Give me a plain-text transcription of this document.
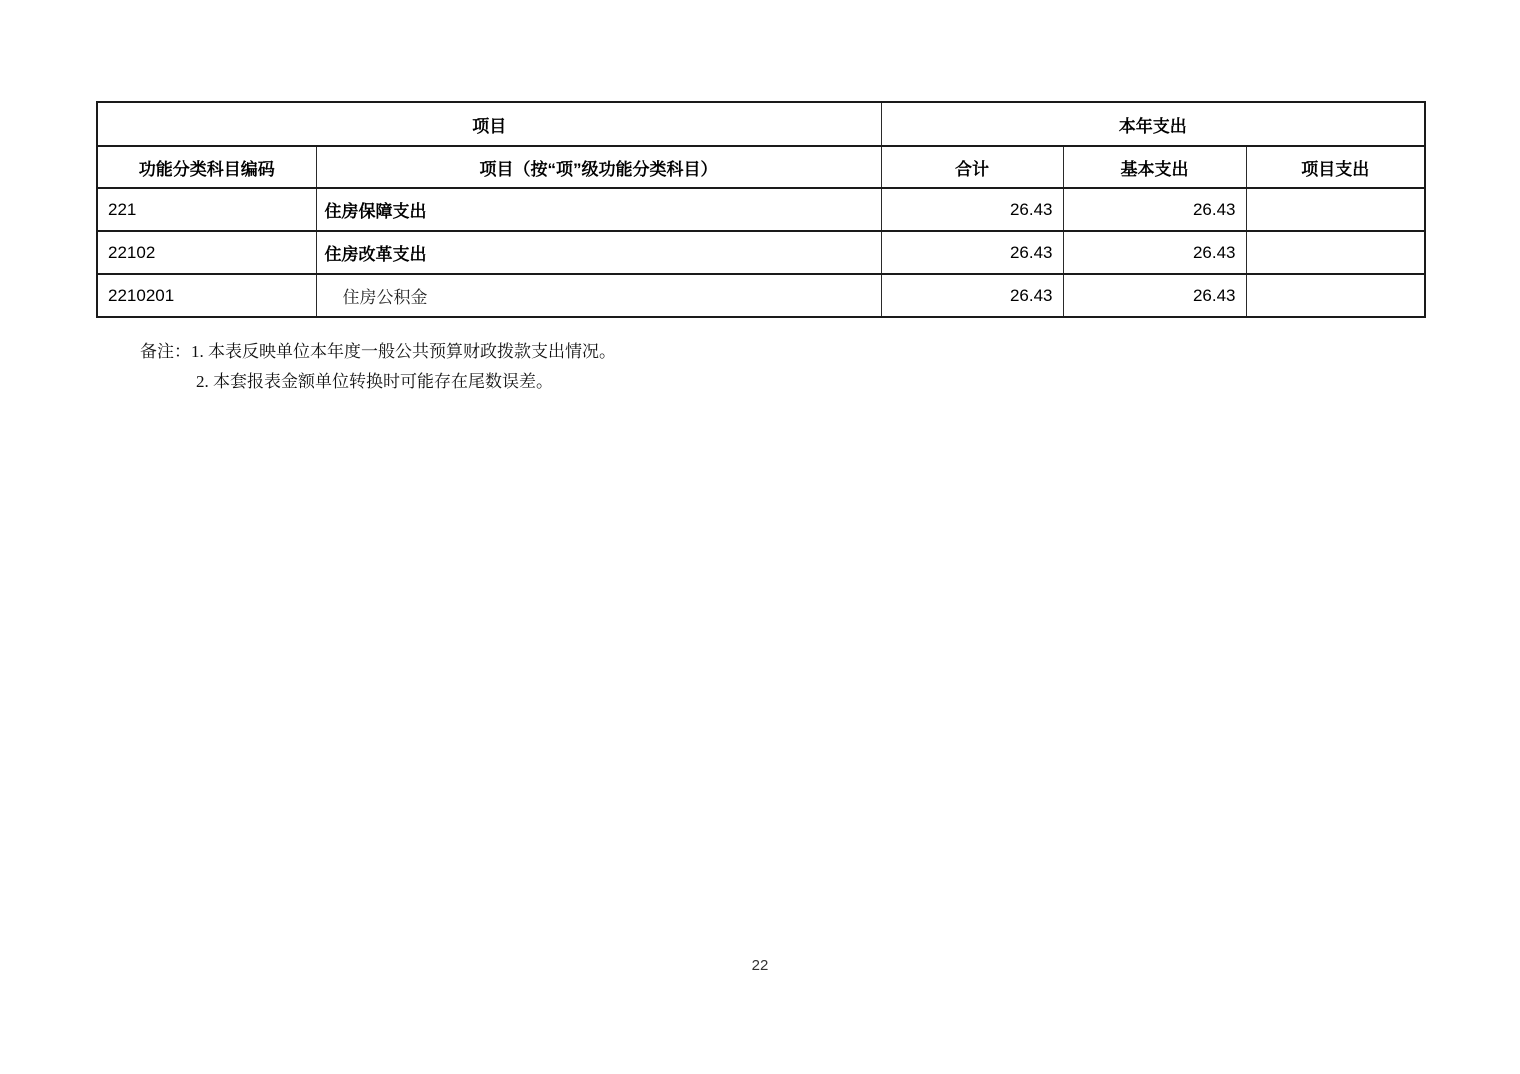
项目		本年支出		
功能分类科目编码	项目（按“项”级功能分类科目）	合计	基本支出	项目支出
221	住房保障支出	26.43	26.43	
22102	住房改革支出	26.43	26.43	
2210201	住房公积金	26.43	26.43	
备注：1. 本表反映单位本年度一般公共预算财政拨款支出情况。
2. 本套报表金额单位转换时可能存在尾数误差。
22
